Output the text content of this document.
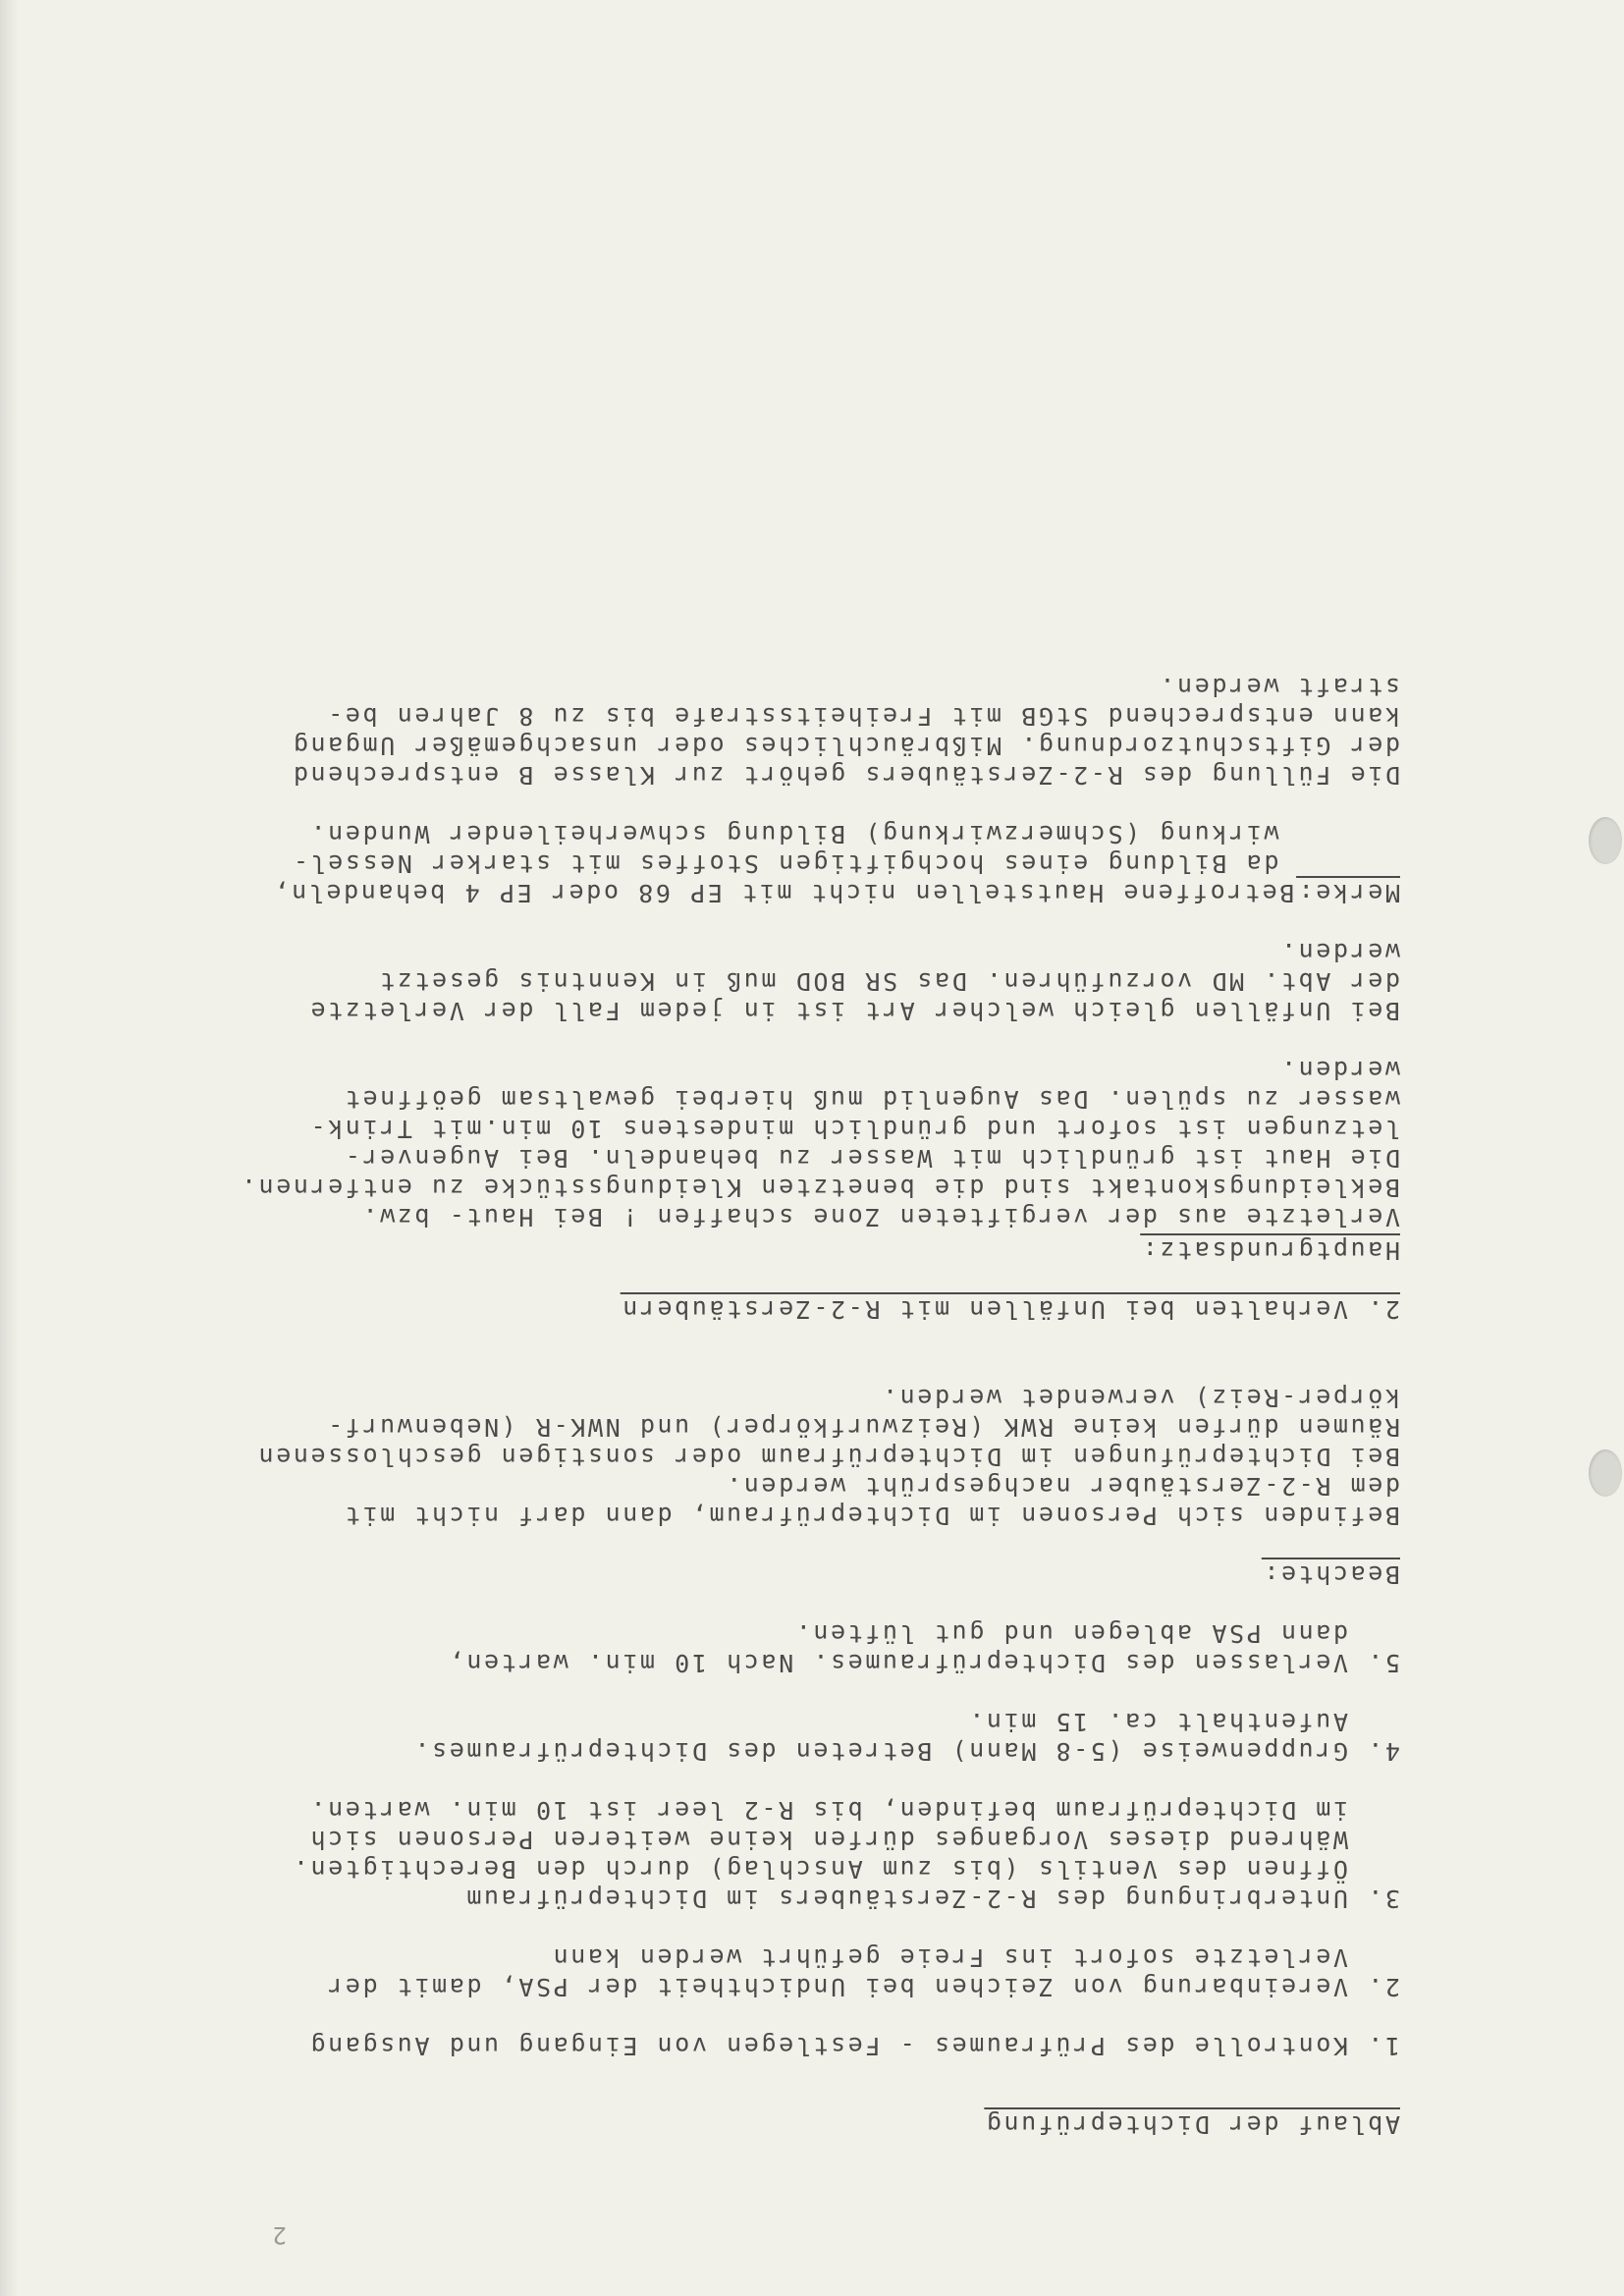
2
Ablauf der Dichteprüfung
1. Kontrolle des Prüfraumes - Festlegen von Eingang und Ausgang
2. Vereinbarung von Zeichen bei Undichtheit der PSA, damit der
Verletzte sofort ins Freie geführt werden kann
3. Unterbringung des R-2-Zerstäubers im Dichteprüfraum
Öffnen des Ventils (bis zum Anschlag) durch den Berechtigten.
Während dieses Vorganges dürfen keine weiteren Personen sich
im Dichteprüfraum befinden, bis R-2 leer ist 10 min. warten.
4. Gruppenweise (5-8 Mann) Betreten des Dichteprüfraumes.
Aufenthalt ca. 15 min.
5. Verlassen des Dichteprüfraumes. Nach 10 min. warten,
dann PSA ablegen und gut lüften.
Beachte:
Befinden sich Personen im Dichteprüfraum, dann darf nicht mit
dem R-2-Zerstäuber nachgesprüht werden.
Bei Dichteprüfungen im Dichteprüfraum oder sonstigen geschlossenen
Räumen dürfen keine RWK (Reizwurfkörper) und NWK-R (Nebenwurf-
körper-Reiz) verwendet werden.
2. Verhalten bei Unfällen mit R-2-Zerstäubern
Hauptgrundsatz:
Verletzte aus der vergifteten Zone schaffen ! Bei Haut- bzw.
Bekleidungskontakt sind die benetzten Kleidungsstücke zu entfernen.
Die Haut ist gründlich mit Wasser zu behandeln. Bei Augenver-
letzungen ist sofort und gründlich mindestens 10 min.mit Trink-
wasser zu spülen. Das Augenlid muß hierbei gewaltsam geöffnet
werden.
Bei Unfällen gleich welcher Art ist in jedem Fall der Verletzte
der Abt. MD vorzuführen. Das SR BOD muß in Kenntnis gesetzt
werden.
Merke:
Betroffene Hautstellen nicht mit EP 68 oder EP 4 behandeln,
da Bildung eines hochgiftigen Stoffes mit starker Nessel-
wirkung (Schmerzwirkung) Bildung schwerheilender Wunden.
Die Füllung des R-2-Zerstäubers gehört zur Klasse B entsprechend
der Giftschutzordnung. Mißbräuchliches oder unsachgemäßer Umgang
kann entsprechend StGB mit Freiheitsstrafe bis zu 8 Jahren be-
straft werden.
